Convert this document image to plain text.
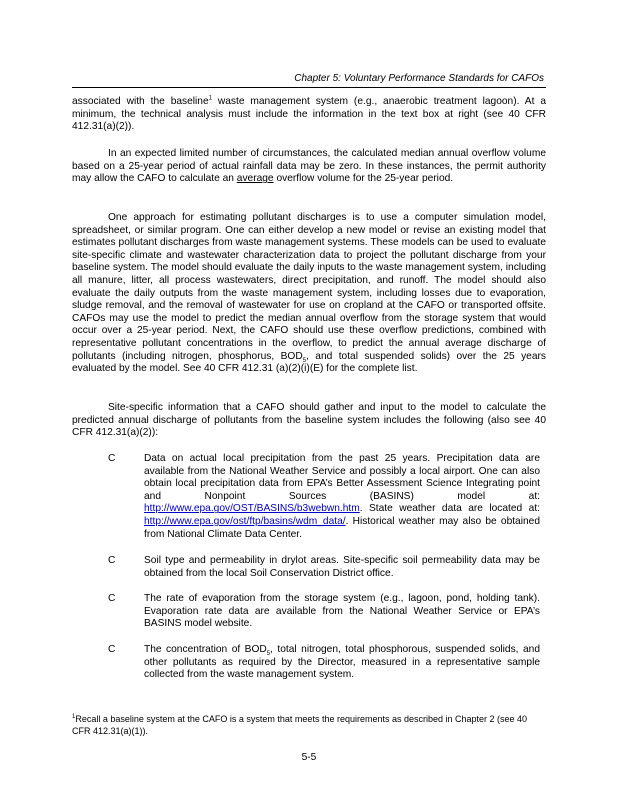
Chapter 5: Voluntary Performance Standards for CAFOs

associated with the baseline$^1$ waste management system (e.g., anaerobic treatment lagoon). At a minimum, the technical analysis must include the information in the text box at right (see 40 CFR 412.31(a)(2)).

In an expected limited number of circumstances, the calculated median annual overflow volume based on a 25-year period of actual rainfall data may be zero. In these instances, the permit authority may allow the CAFO to calculate an average overflow volume for the 25-year period.

One approach for estimating pollutant discharges is to use a computer simulation model, spreadsheet, or similar program. One can either develop a new model or revise an existing model that estimates pollutant discharges from waste management systems. These models can be used to evaluate site-specific climate and wastewater characterization data to project the pollutant discharge from your baseline system. The model should evaluate the daily inputs to the waste management system, including all manure, litter, all process wastewaters, direct precipitation, and runoff. The model should also evaluate the daily outputs from the waste management system, including losses due to evaporation, sludge removal, and the removal of wastewater for use on cropland at the CAFO or transported offsite. CAFOs may use the model to predict the median annual overflow from the storage system that would occur over a 25-year period. Next, the CAFO should use these overflow predictions, combined with representative pollutant concentrations in the overflow, to predict the annual average discharge of pollutants (including nitrogen, phosphorus, $BOD_5$, and total suspended solids) over the 25 years evaluated by the model. See 40 CFR 412.31 (a)(2)(i)(E) for the complete list.

Site-specific information that a CAFO should gather and input to the model to calculate the predicted annual discharge of pollutants from the baseline system includes the following (also see 40 CFR 412.31(a)(2)):

C	Data on actual local precipitation from the past 25 years. Precipitation data are available from the National Weather Service and possibly a local airport. One can also obtain local precipitation data from EPA’s Better Assessment Science Integrating point and Nonpoint Sources (BASINS) model at: http://www.epa.gov/OST/BASINS/b3webwn.htm. State weather data are located at: http://www.epa.gov/ost/ftp/basins/wdm_data/. Historical weather may also be obtained from National Climate Data Center.

C	Soil type and permeability in drylot areas. Site-specific soil permeability data may be obtained from the local Soil Conservation District office.

C	The rate of evaporation from the storage system (e.g., lagoon, pond, holding tank). Evaporation rate data are available from the National Weather Service or EPA’s BASINS model website.

C	The concentration of $BOD_5$, total nitrogen, total phosphorous, suspended solids, and other pollutants as required by the Director, measured in a representative sample collected from the waste management system.

$^1$Recall a baseline system at the CAFO is a system that meets the requirements as described in Chapter 2 (see 40 CFR 412.31(a)(1)).

5-5
